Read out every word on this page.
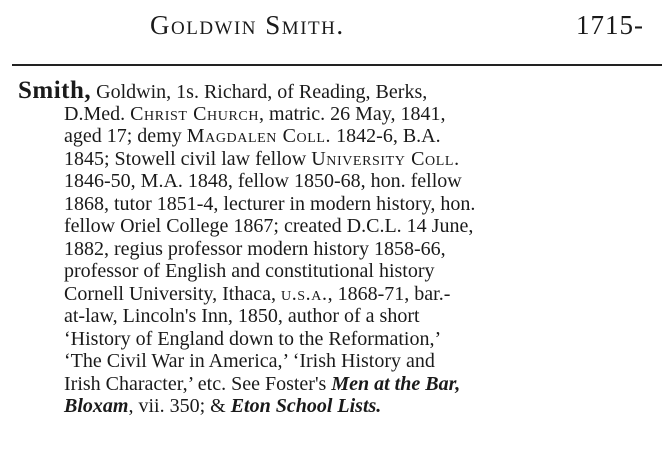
Goldwin Smith.	1715-
Smith, Goldwin, 1s. Richard, of Reading, Berks,
D.Med. Christ Church, matric. 26 May, 1841,
aged 17; demy Magdalen Coll. 1842-6, B.A.
1845; Stowell civil law fellow University Coll.
1846-50, M.A. 1848, fellow 1850-68, hon. fellow
1868, tutor 1851-4, lecturer in modern history, hon.
fellow Oriel College 1867; created D.C.L. 14 June,
1882, regius professor modern history 1858-66,
professor of English and constitutional history
Cornell University, Ithaca, u.s.a., 1868-71, bar.-
at-law, Lincoln's Inn, 1850, author of a short
‘History of England down to the Reformation,’
‘The Civil War in America,’ ‘Irish History and
Irish Character,’ etc. See Foster's Men at the Bar,
Bloxam, vii. 350; & Eton School Lists.
